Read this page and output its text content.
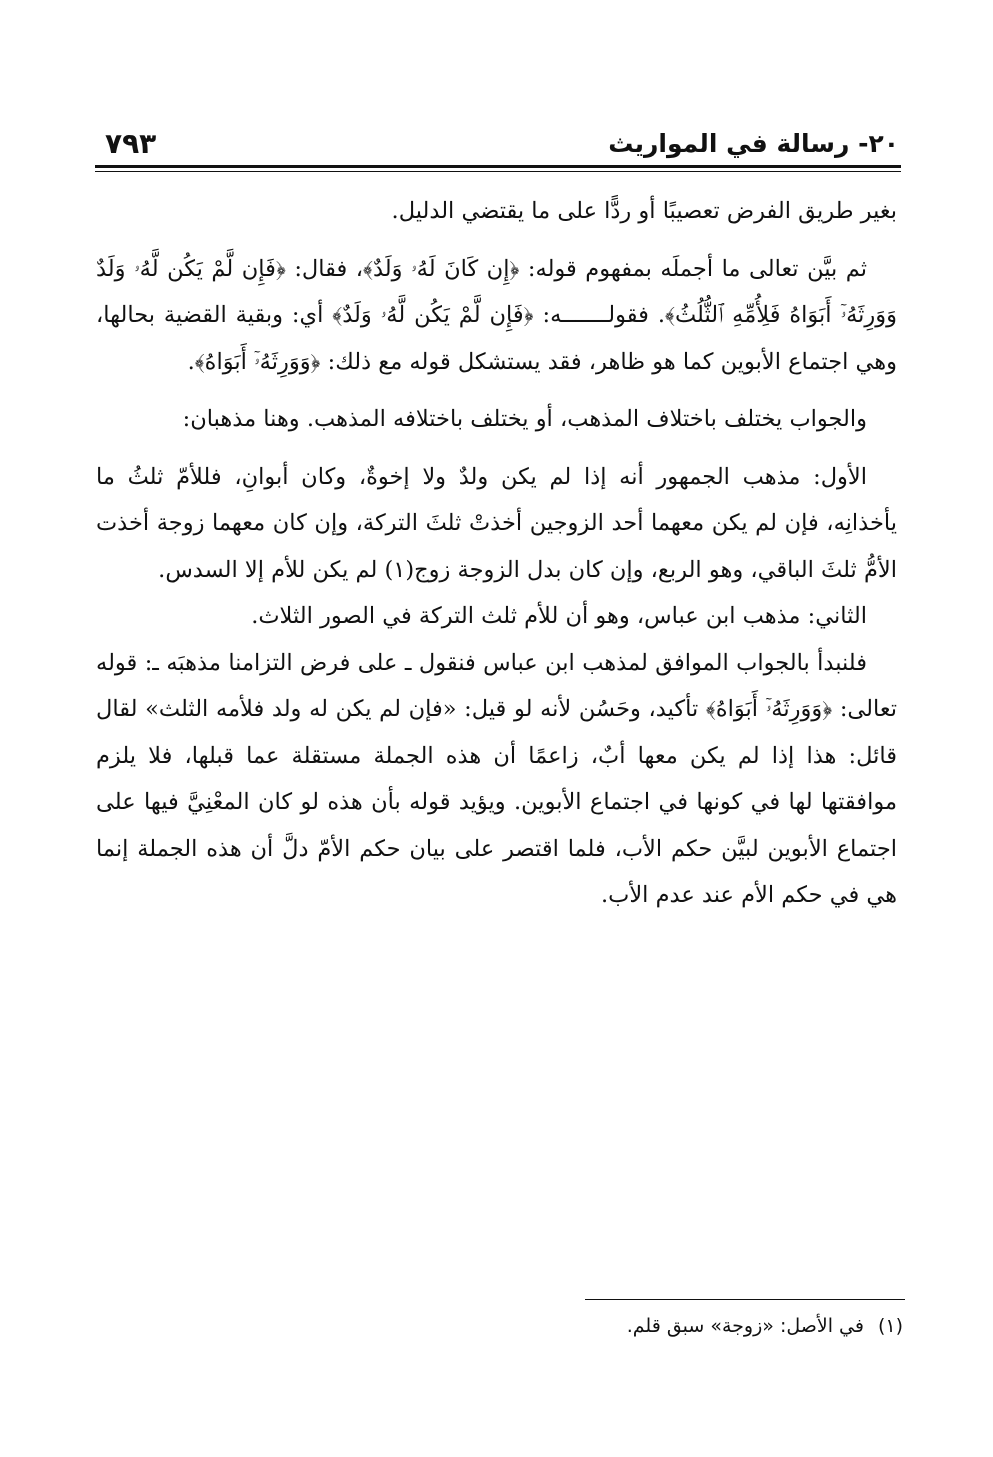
٢٠- رسالة في المواريث
٧٩٣

بغير طريق الفرض تعصيبًا أو ردًّا على ما يقتضي الدليل.

ثم بيَّن تعالى ما أجملَه بمفهوم قوله: ﴿إِن كَانَ لَهُۥ وَلَدٌ﴾، فقال: ﴿فَإِن لَّمْ يَكُن لَّهُۥ وَلَدٌ وَوَرِثَهُۥٓ أَبَوَاهُ فَلِأُمِّهِ ٱلثُّلُثُ﴾. فقولـــــــه: ﴿فَإِن لَّمْ يَكُن لَّهُۥ وَلَدٌ﴾ أي: وبقية القضية بحالها، وهي اجتماع الأبوين كما هو ظاهر، فقد يستشكل قوله مع ذلك: ﴿وَوَرِثَهُۥٓ أَبَوَاهُ﴾.

والجواب يختلف باختلاف المذهب، أو يختلف باختلافه المذهب. وهنا مذهبان:

الأول: مذهب الجمهور أنه إذا لم يكن ولدٌ ولا إخوةٌ، وكان أبوانِ، فللأمّ ثلثُ ما يأخذانِه، فإن لم يكن معهما أحد الزوجين أخذتْ ثلثَ التركة، وإن كان معهما زوجة أخذت الأمُّ ثلثَ الباقي، وهو الربع، وإن كان بدل الزوجة زوج(١) لم يكن للأم إلا السدس.

الثاني: مذهب ابن عباس، وهو أن للأم ثلث التركة في الصور الثلاث.

فلنبدأ بالجواب الموافق لمذهب ابن عباس فنقول ـ على فرض التزامنا مذهبَه ـ: قوله تعالى: ﴿وَوَرِثَهُۥٓ أَبَوَاهُ﴾ تأكيد، وحَسُن لأنه لو قيل: «فإن لم يكن له ولد فلأمه الثلث» لقال قائل: هذا إذا لم يكن معها أبٌ، زاعمًا أن هذه الجملة مستقلة عما قبلها، فلا يلزم موافقتها لها في كونها في اجتماع الأبوين. ويؤيد قوله بأن هذه لو كان المعْنِيَّ فيها على اجتماع الأبوين لبيَّن حكم الأب، فلما اقتصر على بيان حكم الأمّ دلَّ أن هذه الجملة إنما هي في حكم الأم عند عدم الأب.

(١)في الأصل: «زوجة» سبق قلم.
